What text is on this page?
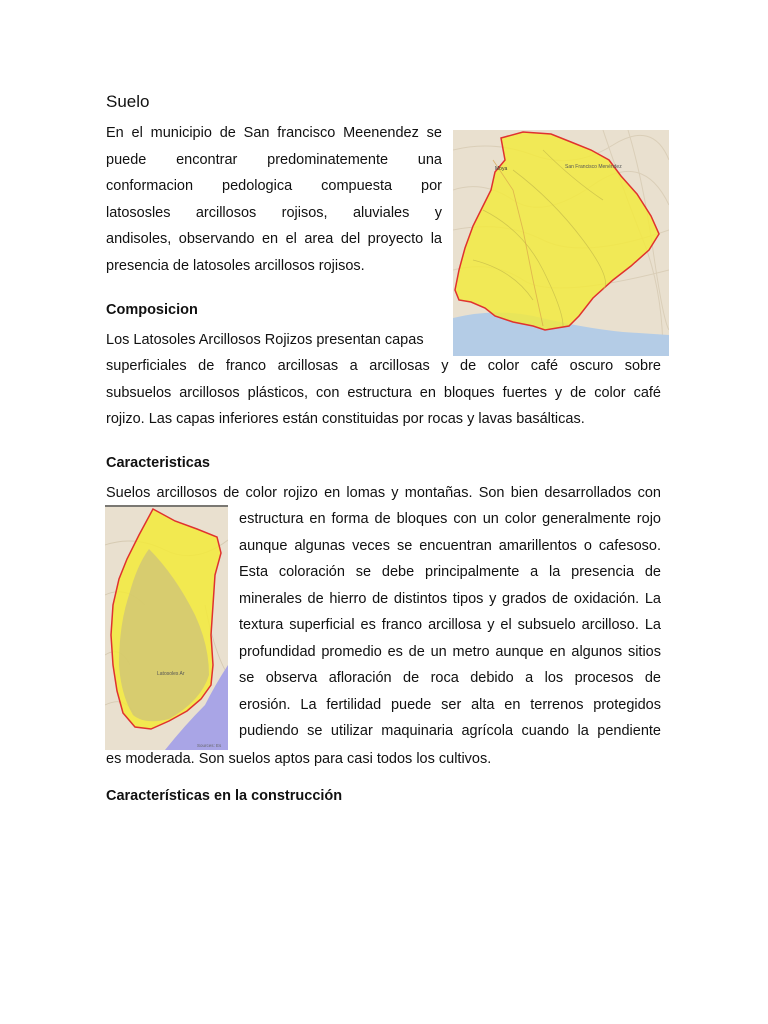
Suelo
En el municipio de San francisco Meenendez se
puede encontrar predominatemente una
conformacion pedologica compuesta por
latososles arcillosos rojisos, aluviales y
andisoles, observando en el area del proyecto la
presencia de latosoles arcillosos rojisos.
San Francisco Menéndez
Moya
Composicion
Los Latosoles Arcillosos Rojizos presentan capas
superficiales de franco arcillosas a arcillosas y de color café oscuro sobre
subsuelos arcillosos plásticos, con estructura en bloques fuertes y de color café
rojizo. Las capas inferiores están constituidas por rocas y lavas basálticas.
Caracteristicas
Suelos arcillosos de color rojizo en lomas y montañas. Son bien desarrollados con
Latosoles Ar
Sources: Es
estructura en forma de bloques con un color generalmente rojo
aunque algunas veces se encuentran amarillentos o cafesoso.
Esta coloración se debe principalmente a la presencia de
minerales de hierro de distintos tipos y grados de oxidación. La
textura superficial es franco arcillosa y el subsuelo arcilloso. La
profundidad promedio es de un metro aunque en algunos sitios
se observa afloración de roca debido a los procesos de
erosión. La fertilidad puede ser alta en terrenos protegidos
pudiendo se utilizar maquinaria agrícola cuando la pendiente
es moderada. Son suelos aptos para casi todos los cultivos.
Características en la construcción
